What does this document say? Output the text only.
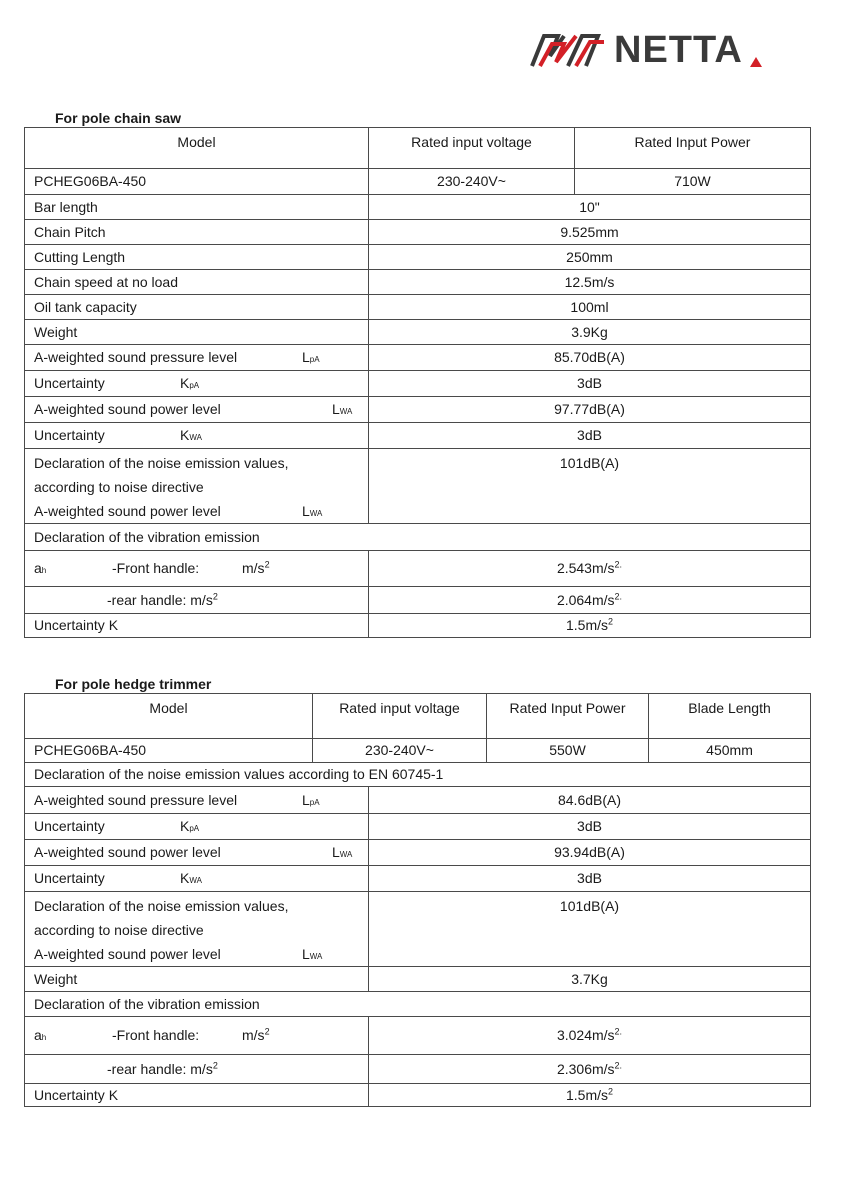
NETTA
For pole chain saw
Model	Rated input voltage	Rated Input Power
PCHEG06BA-450	230-240V~	710W
Bar length	10"	
Chain Pitch	9.525mm	
Cutting Length	250mm	
Chain speed at no load	12.5m/s	
Oil tank capacity	100ml	
Weight	3.9Kg	

A-weighted sound pressure level LpA	85.70dB(A)	

Uncertainty KpA	3dB	

A-weighted sound power level LWA	97.77dB(A)	

Uncertainty KWA	3dB	

Declaration of the noise emission values,
according to noise directive
A-weighted sound power level LWA	101dB(A)	
Declaration of the vibration emission		

ah -Front handle: $m/s^2$	$2.543m/s^{2.}$

-rear handle: $m/s^2$	$2.064m/s^{2.}$
Uncertainty K	$1.5m/s^2$
For pole hedge trimmer
Model	Rated input voltage		Rated Input Power	Blade Length
PCHEG06BA-450	230-240V~		550W	450mm
Declaration of the noise emission values according to EN 60745-1				

A-weighted sound pressure level LpA		84.6dB(A)		

Uncertainty KpA		3dB		

A-weighted sound power level LWA		93.94dB(A)		

Uncertainty KWA		3dB		

Declaration of the noise emission values,
according to noise directive
A-weighted sound power level LWA		101dB(A)		
Weight		3.7Kg		
Declaration of the vibration emission				

ah -Front handle: $m/s^2$		$3.024m/s^{2.}$

-rear handle: $m/s^2$		$2.306m/s^{2.}$
Uncertainty K		$1.5m/s^2$
